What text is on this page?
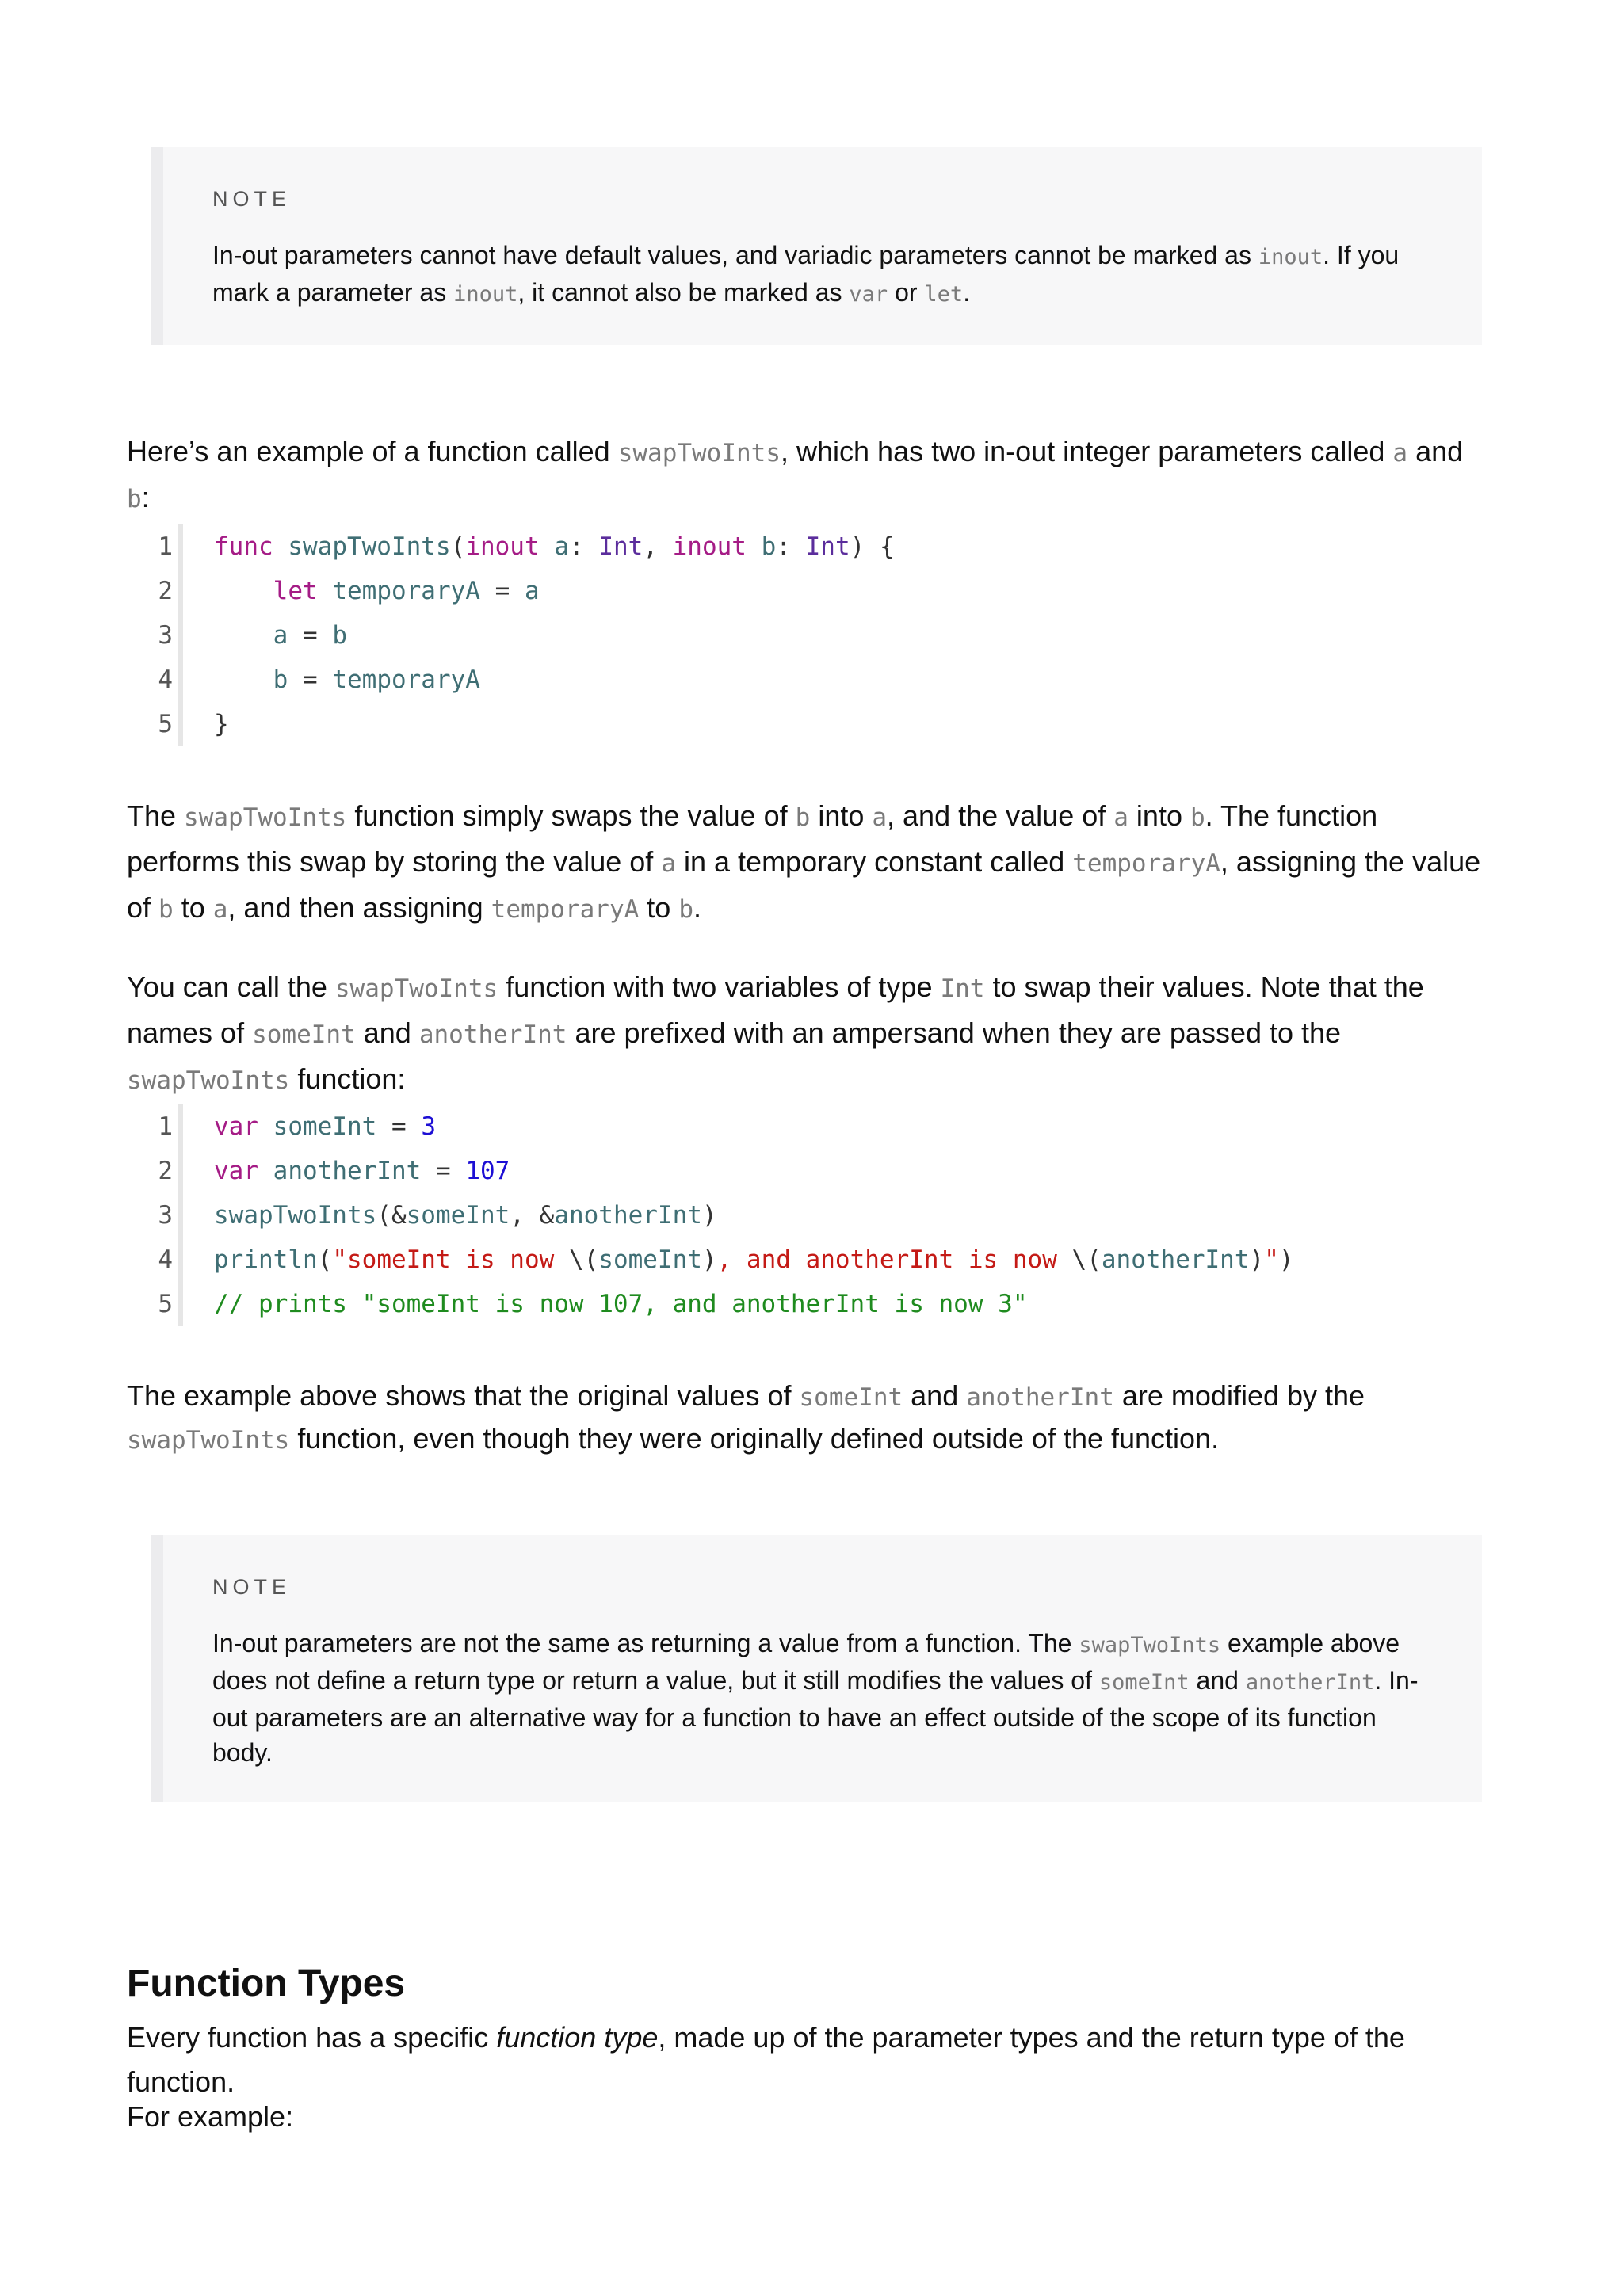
NOTE
In-out parameters cannot have default values, and variadic parameters cannot be marked as inout. If you mark a parameter as inout, it cannot also be marked as var or let.
Here’s an example of a function called swapTwoInts, which has two in-out integer parameters called a and b:
1	func swapTwoInts(inout a: Int, inout b: Int) {
2	let temporaryA = a
3	a = b
4	b = temporaryA
5	}
The swapTwoInts function simply swaps the value of b into a, and the value of a into b. The function performs this swap by storing the value of a in a temporary constant called temporaryA, assigning the value of b to a, and then assigning temporaryA to b.
You can call the swapTwoInts function with two variables of type Int to swap their values. Note that the names of someInt and anotherInt are prefixed with an ampersand when they are passed to the swapTwoInts function:
1	var someInt = 3
2	var anotherInt = 107
3	swapTwoInts(&someInt, &anotherInt)
4	println("someInt is now \(someInt), and anotherInt is now \(anotherInt)")
5	// prints "someInt is now 107, and anotherInt is now 3"
The example above shows that the original values of someInt and anotherInt are modified by the swapTwoInts function, even though they were originally defined outside of the function.
NOTE
In-out parameters are not the same as returning a value from a function. The swapTwoInts example above does not define a return type or return a value, but it still modifies the values of someInt and anotherInt. In-out parameters are an alternative way for a function to have an effect outside of the scope of its function body.
Function Types
Every function has a specific function type, made up of the parameter types and the return type of the function.
For example:
